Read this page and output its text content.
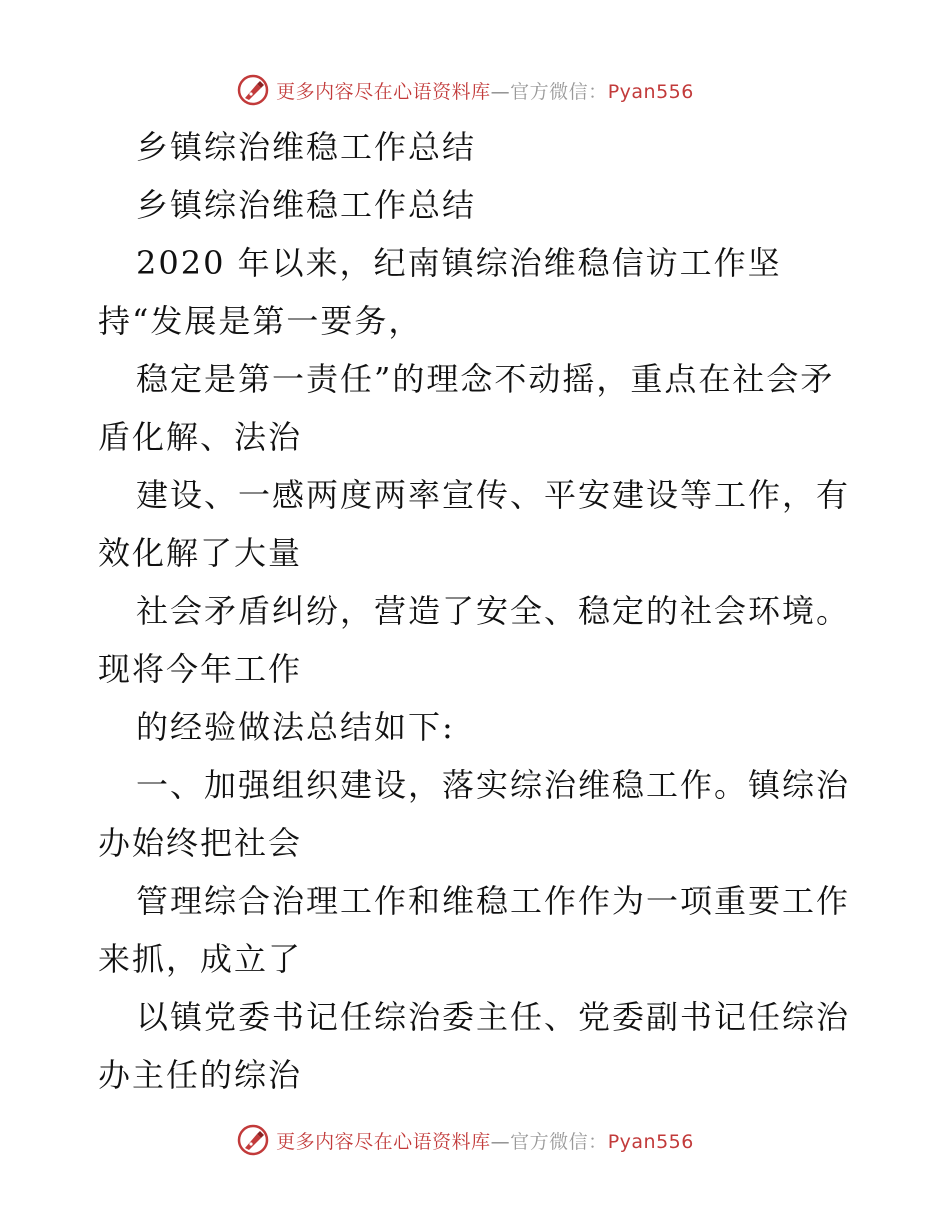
更多内容尽在心语资料库—官方微信：Pyan556
乡镇综治维稳工作总结
乡镇综治维稳工作总结
2020 年以来，纪南镇综治维稳信访工作坚
持“发展是第一要务，
稳定是第一责任”的理念不动摇，重点在社会矛
盾化解、法治
建设、一感两度两率宣传、平安建设等工作，有
效化解了大量
社会矛盾纠纷，营造了安全、稳定的社会环境。
现将今年工作
的经验做法总结如下:
一、加强组织建设，落实综治维稳工作。镇综治
办始终把社会
管理综合治理工作和维稳工作作为一项重要工作
来抓，成立了
以镇党委书记任综治委主任、党委副书记任综治
办主任的综治
更多内容尽在心语资料库—官方微信：Pyan556
